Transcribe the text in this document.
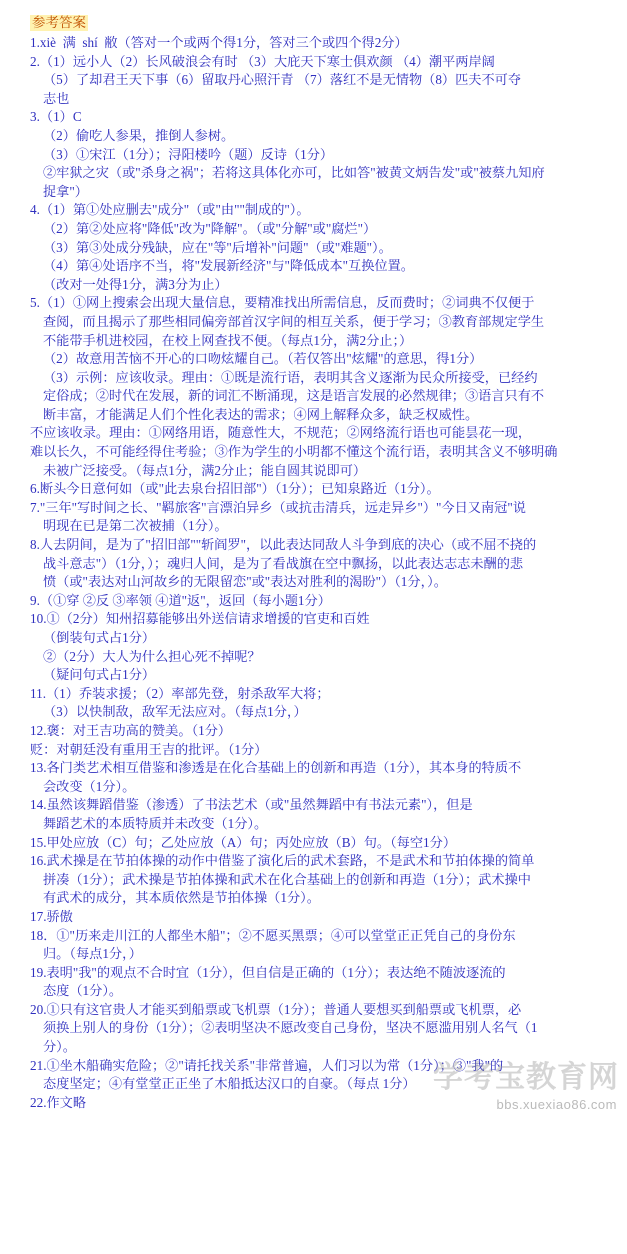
参考答案

1.xiè  满  shí  敝（答对一个或两个得1分，答对三个或四个得2分）

2.（1）远小人（2）长风破浪会有时 （3）大庇天下寒士俱欢颜 （4）潮平两岸阔

（5）了却君王天下事（6）留取丹心照汗青 （7）落红不是无情物（8）匹夫不可夺

志也

3.（1）C

（2）偷吃人参果，推倒人参树。

（3）①宋江（1分）；浔阳楼吟（题）反诗（1分）

②牢狱之灾（或"杀身之祸"；若将这具体化亦可，比如答"被黄文炳告发"或"被蔡九知府

捉拿"）

4.（1）第①处应删去"成分"（或"由""制成的"）。

（2）第②处应将"降低"改为"降解"。（或"分解"或"腐烂"）

（3）第③处成分残缺，应在"等"后增补"问题"（或"难题"）。

（4）第④处语序不当，将"发展新经济"与"降低成本"互换位置。

（改对一处得1分，满3分为止）

5.（1）①网上搜索会出现大量信息，要精准找出所需信息，反而费时；②词典不仅便于

查阅，而且揭示了那些相同偏旁部首汉字间的相互关系，便于学习；③教育部规定学生

不能带手机进校园，在校上网查找不便。（每点1分，满2分止；）

（2）故意用苦恼不开心的口吻炫耀自己。（若仅答出"炫耀"的意思，得1分）

（3）示例：应该收录。理由：①既是流行语，表明其含义逐渐为民众所接受，已经约

定俗成；②时代在发展，新的词汇不断涌现，这是语言发展的必然规律；③语言只有不

断丰富，才能满足人们个性化表达的需求；④网上解释众多，缺乏权威性。

不应该收录。理由：①网络用语，随意性大，不规范；②网络流行语也可能昙花一现，

难以长久，不可能经得住考验；③作为学生的小明都不懂这个流行语，表明其含义不够明确

未被广泛接受。（每点1分，满2分止；能自圆其说即可）

6.断头今日意何如（或"此去泉台招旧部"）（1分）；已知泉路近（1分）。

7."三年"写时间之长、"羁旅客"言漂泊异乡（或抗击清兵，远走异乡"）"今日又南冠"说

明现在已是第二次被捕（1分）。

8.人去阴间，是为了"招旧部""斩阎罗"，以此表达同敌人斗争到底的决心（或不屈不挠的

战斗意志"）（1分，）；魂归人间，是为了看战旗在空中飘扬，以此表达志志未酬的悲

愤（或"表达对山河故乡的无限留恋"或"表达对胜利的渴盼"）（1分，）。

9.（①穿 ②反 ③率领 ④道"返"，返回（每小题1分）

10.①（2分）知州招募能够出外送信请求增援的官吏和百姓

（倒装句式占1分）

②（2分）大人为什么担心死不掉呢？

（疑问句式占1分）

11.（1）乔装求援；（2）率部先登，射杀敌军大将；

（3）以快制敌，敌军无法应对。（每点1分，）

12.褒：对王吉功高的赞美。（1分）

贬：对朝廷没有重用王吉的批评。（1分）

13.各门类艺术相互借鉴和渗透是在化合基础上的创新和再造（1分），其本身的特质不

会改变（1分）。

14.虽然该舞蹈借鉴（渗透）了书法艺术（或"虽然舞蹈中有书法元素"），但是

舞蹈艺术的本质特质并未改变（1分）。

15.甲处应放（C）句；乙处应放（A）句；丙处应放（B）句。（每空1分）

16.武术操是在节拍体操的动作中借鉴了演化后的武术套路，不是武术和节拍体操的简单

拼凑（1分）；武术操是节拍体操和武术在化合基础上的创新和再造（1分）；武术操中

有武术的成分，其本质依然是节拍体操（1分）。

17.骄傲

18．①"历来走川江的人都坐木船"；②不愿买黑票；④可以堂堂正正凭自己的身份东

归。（每点1分，）

19.表明"我"的观点不合时宜（1分），但自信是正确的（1分）；表达绝不随波逐流的

态度（1分）。

20.①只有这官贵人才能买到船票或飞机票（1分）；普通人要想买到船票或飞机票，必

须换上别人的身份（1分）；②表明坚决不愿改变自己身份，坚决不愿滥用别人名气（1

分）。

21.①坐木船确实危险；②"请托找关系"非常普遍，人们习以为常（1分）；③"我"的

态度坚定；④有堂堂正正坐了木船抵达汉口的自豪。（每点 1分）

22.作文略

学考宝教育网
bbs.xuexiao86.com
